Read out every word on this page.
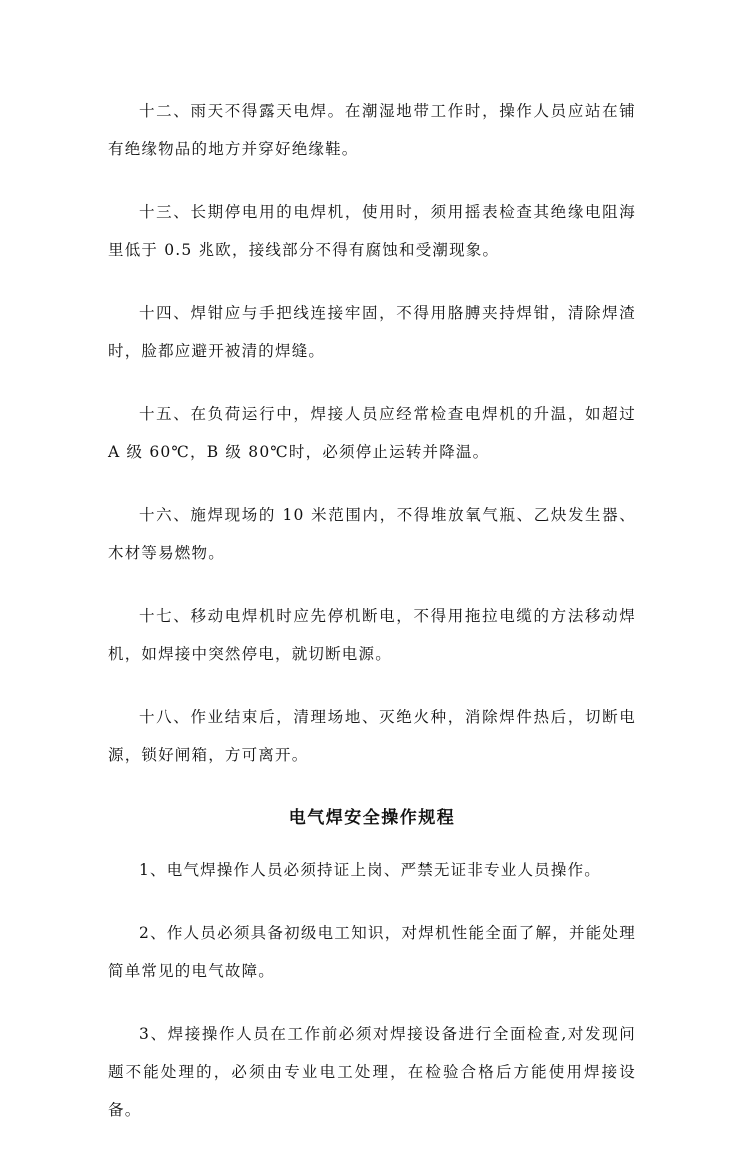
十二、雨天不得露天电焊。在潮湿地带工作时，操作人员应站在铺有绝缘物品的地方并穿好绝缘鞋。

十三、长期停电用的电焊机，使用时，须用摇表检查其绝缘电阻海里低于 0.5 兆欧，接线部分不得有腐蚀和受潮现象。

十四、焊钳应与手把线连接牢固，不得用胳膊夹持焊钳，清除焊渣时，脸都应避开被清的焊缝。

十五、在负荷运行中，焊接人员应经常检查电焊机的升温，如超过 A 级 60℃，B 级 80℃时，必须停止运转并降温。

十六、施焊现场的 10 米范围内，不得堆放氧气瓶、乙炔发生器、木材等易燃物。

十七、移动电焊机时应先停机断电，不得用拖拉电缆的方法移动焊机，如焊接中突然停电，就切断电源。

十八、作业结束后，清理场地、灭绝火种，消除焊件热后，切断电源，锁好闸箱，方可离开。

电气焊安全操作规程

1、电气焊操作人员必须持证上岗、严禁无证非专业人员操作。

2、作人员必须具备初级电工知识，对焊机性能全面了解，并能处理简单常见的电气故障。

3、焊接操作人员在工作前必须对焊接设备进行全面检查,对发现问题不能处理的，必须由专业电工处理，在检验合格后方能使用焊接设备。
